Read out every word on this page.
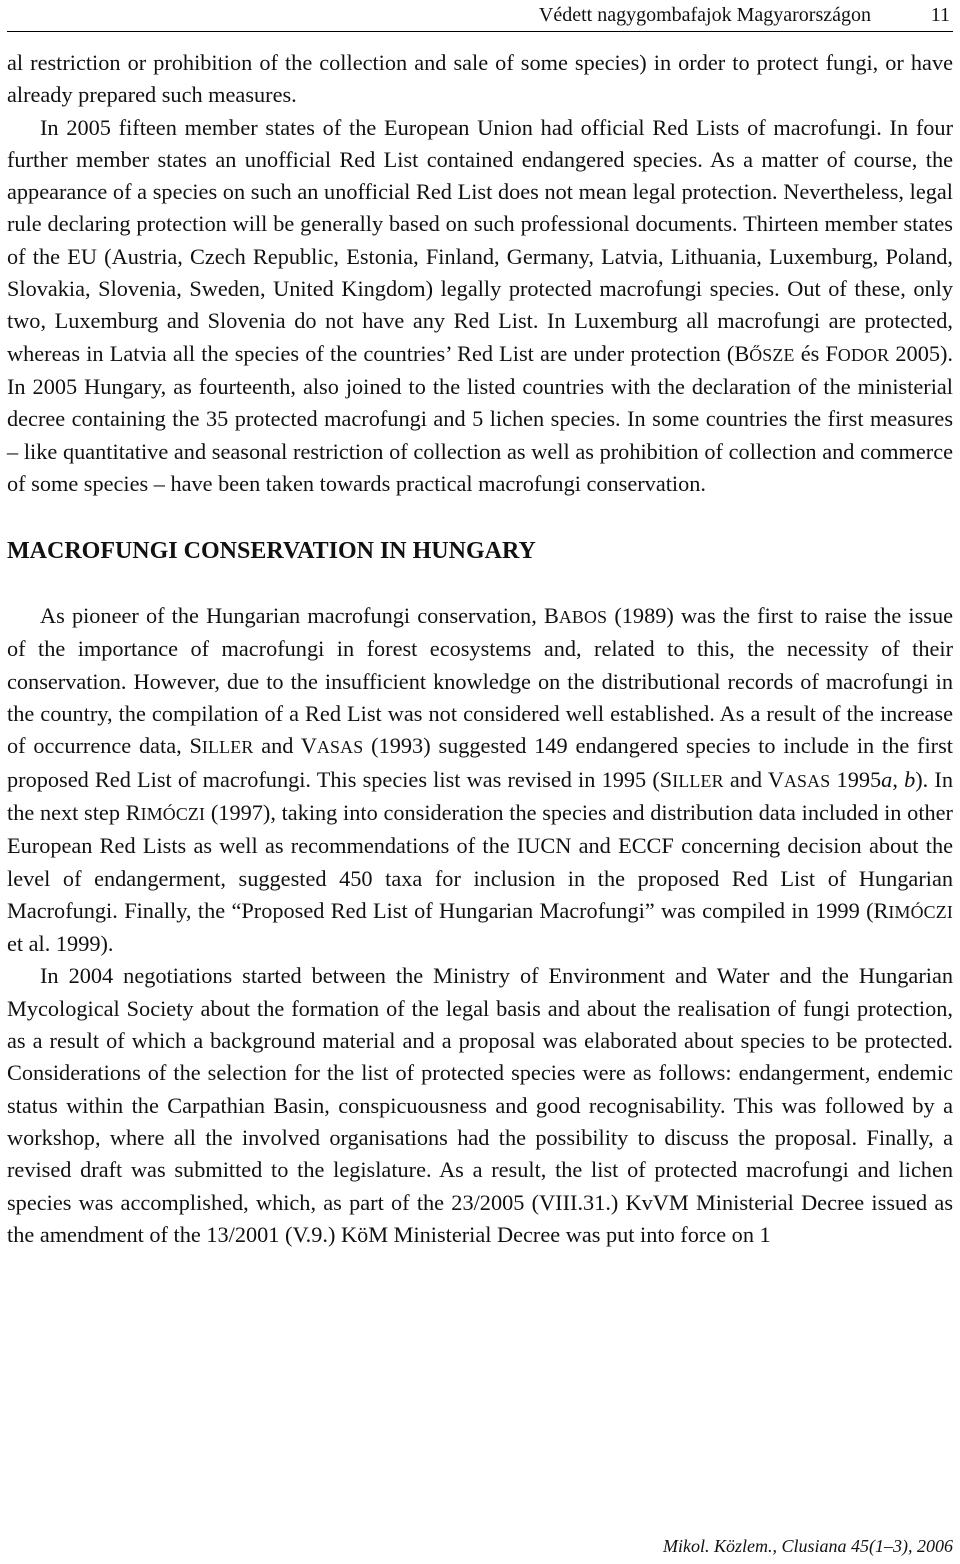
Védett nagygombafajok Magyarországon	11

al restriction or prohibition of the collection and sale of some species) in order to protect fungi, or have already prepared such measures.

In 2005 fifteen member states of the European Union had official Red Lists of macrofungi. In four further member states an unofficial Red List contained endangered species. As a matter of course, the appearance of a species on such an unofficial Red List does not mean legal protection. Nevertheless, legal rule declaring protection will be generally based on such professional documents. Thirteen member states of the EU (Austria, Czech Republic, Estonia, Finland, Germany, Latvia, Lithuania, Luxemburg, Poland, Slovakia, Slovenia, Sweden, United Kingdom) legally protected macrofungi species. Out of these, only two, Luxemburg and Slovenia do not have any Red List. In Luxemburg all macrofungi are protected, whereas in Latvia all the species of the countries’ Red List are under protection (BŐSZE és FODOR 2005). In 2005 Hungary, as fourteenth, also joined to the listed countries with the declaration of the ministerial decree containing the 35 protected macrofungi and 5 lichen species. In some countries the first measures – like quantitative and seasonal restriction of collection as well as prohibition of collection and commerce of some species – have been taken towards practical macrofungi conservation.

MACROFUNGI CONSERVATION IN HUNGARY

As pioneer of the Hungarian macrofungi conservation, BABOS (1989) was the first to raise the issue of the importance of macrofungi in forest ecosystems and, related to this, the necessity of their conservation. However, due to the insufficient knowledge on the distributional records of macrofungi in the country, the compilation of a Red List was not considered well established. As a result of the increase of occurrence data, SILLER and VASAS (1993) suggested 149 endangered species to include in the first proposed Red List of macrofungi. This species list was revised in 1995 (SILLER and VASAS 1995a, b). In the next step RIMÓCZI (1997), taking into consideration the species and distribution data included in other European Red Lists as well as recommendations of the IUCN and ECCF concerning decision about the level of endangerment, suggested 450 taxa for inclusion in the proposed Red List of Hungarian Macrofungi. Finally, the “Proposed Red List of Hungarian Macrofungi” was compiled in 1999 (RIMÓCZI et al. 1999).

In 2004 negotiations started between the Ministry of Environment and Water and the Hungarian Mycological Society about the formation of the legal basis and about the realisation of fungi protection, as a result of which a background material and a proposal was elaborated about species to be protected. Considerations of the selection for the list of protected species were as follows: endangerment, endemic status within the Carpathian Basin, conspicuousness and good recognisability. This was followed by a workshop, where all the involved organisations had the possibility to discuss the proposal. Finally, a revised draft was submitted to the legislature. As a result, the list of protected macrofungi and lichen species was accomplished, which, as part of the 23/2005 (VIII.31.) KvVM Ministerial Decree issued as the amendment of the 13/2001 (V.9.) KöM Ministerial Decree was put into force on 1

Mikol. Közlem., Clusiana 45(1–3), 2006
